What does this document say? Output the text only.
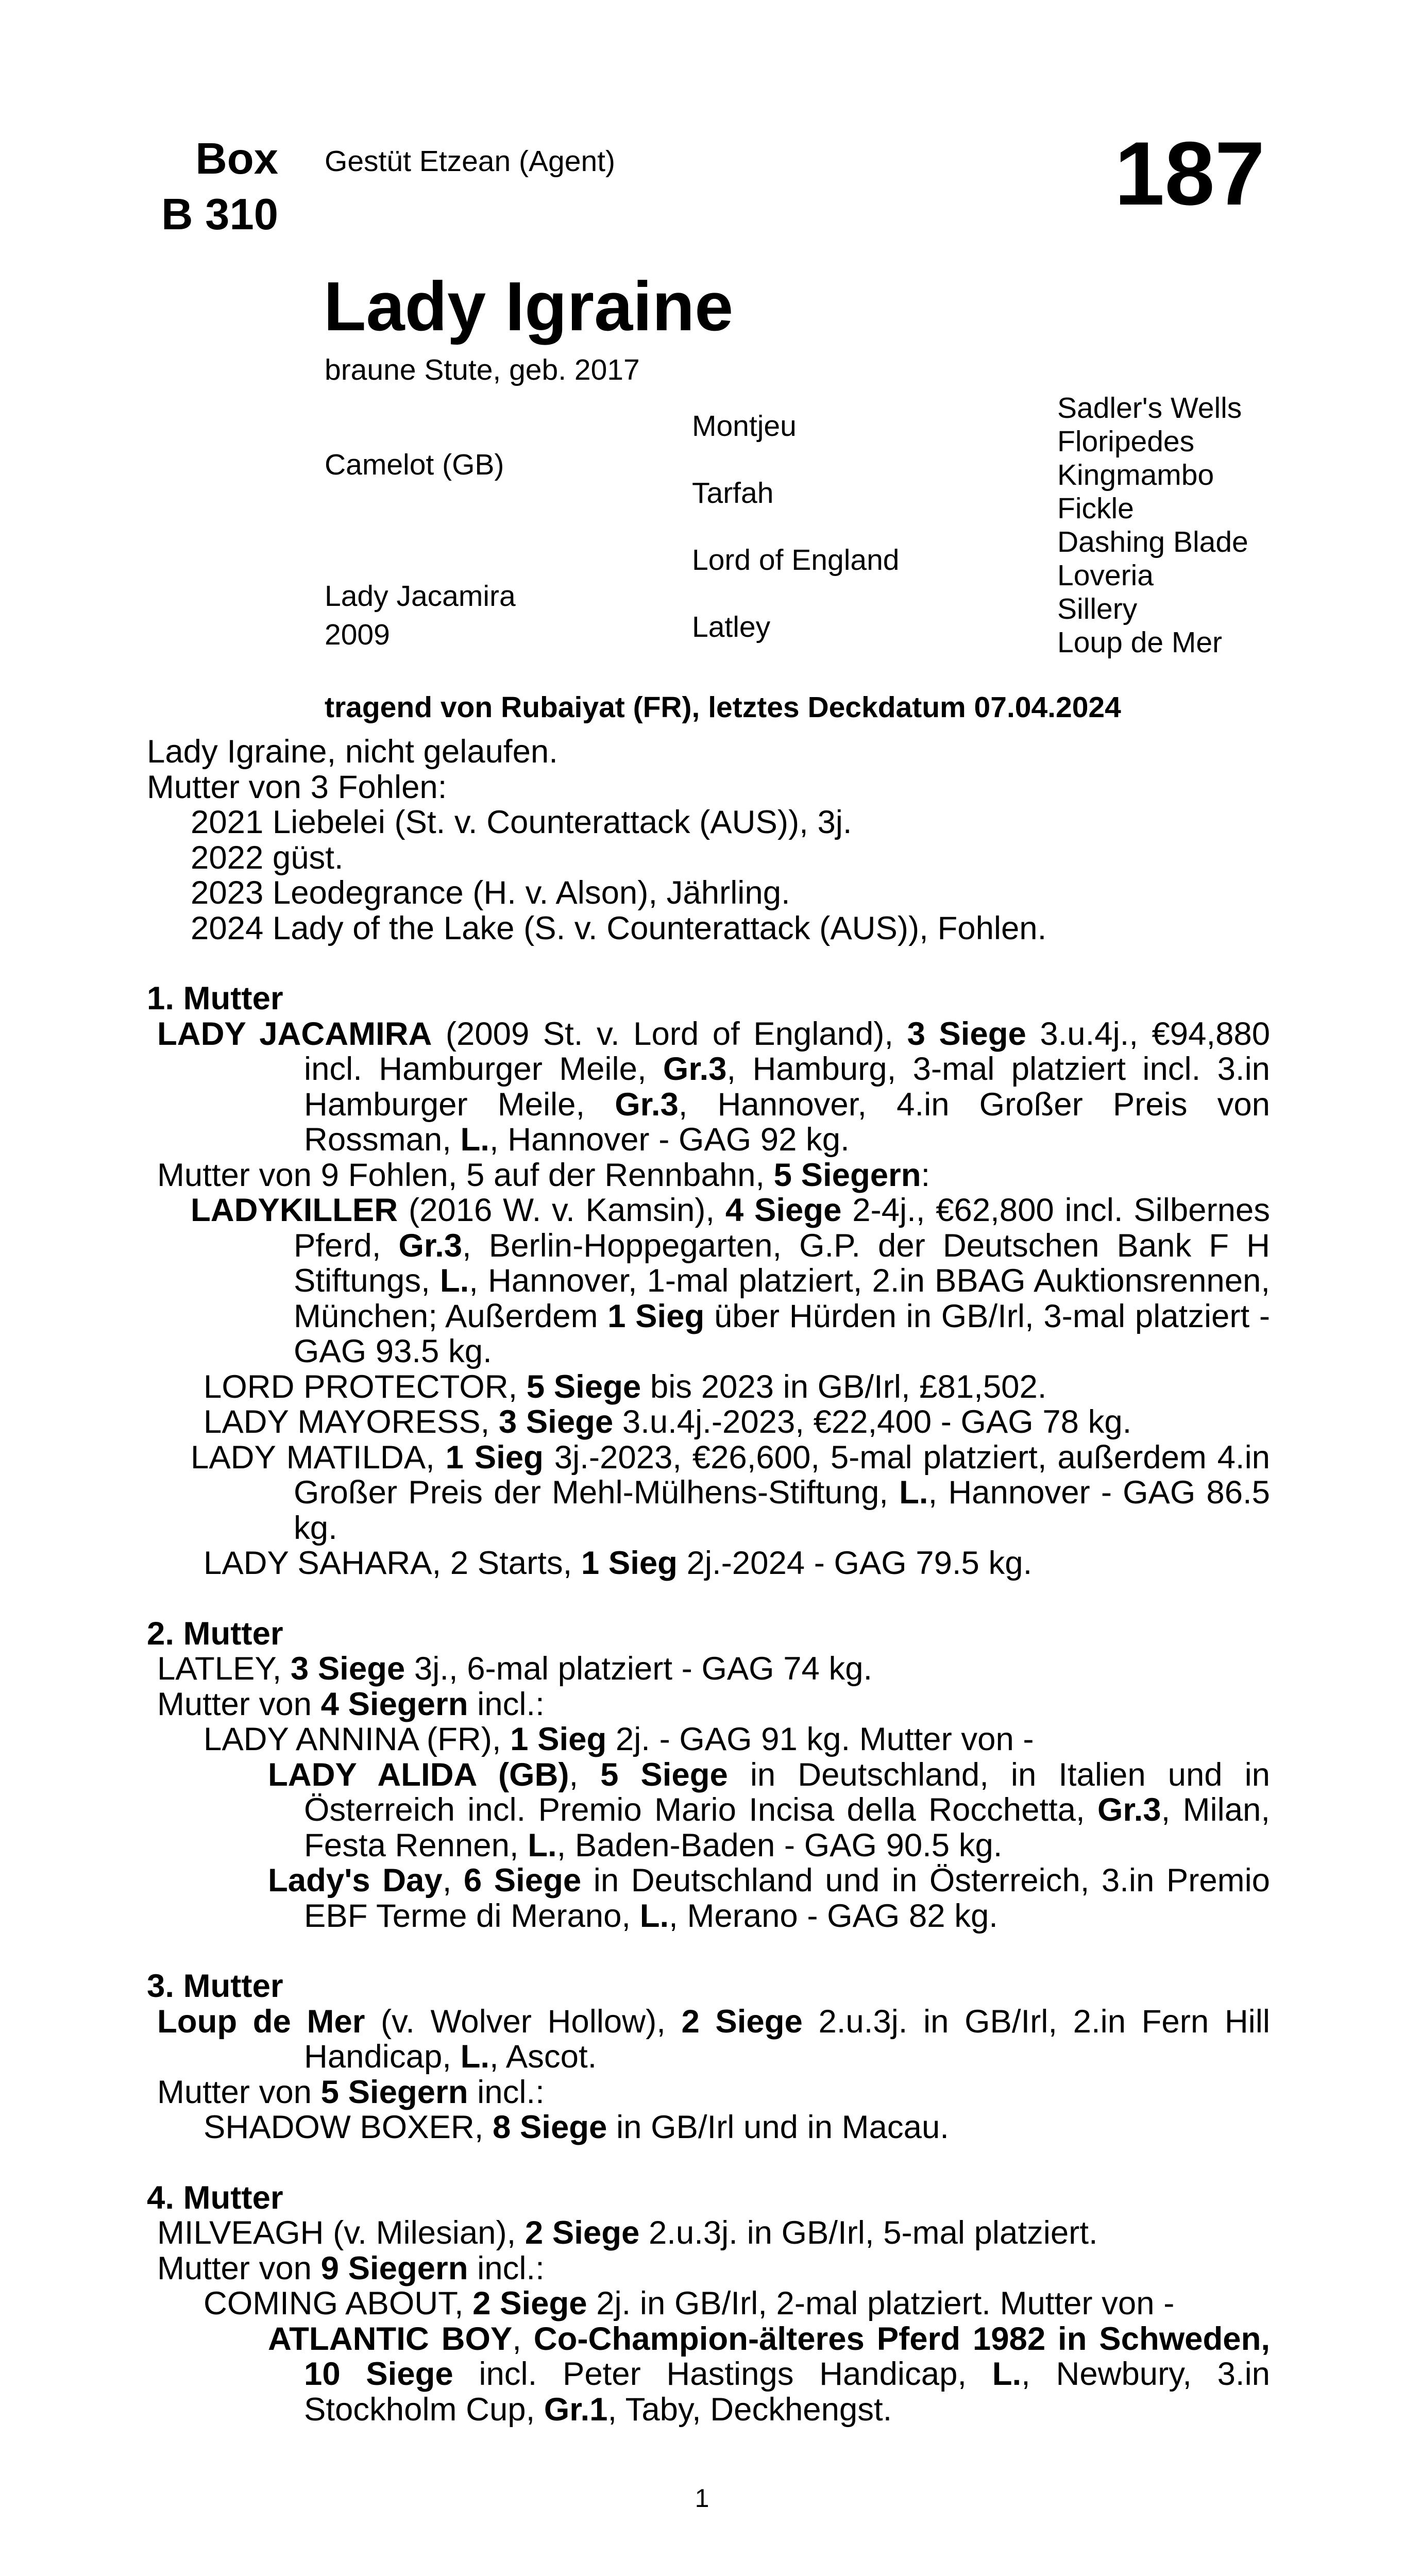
Box
B 310
Gestüt Etzean (Agent)	187
Lady Igraine
braune Stute, geb. 2017
Camelot (GB)
Lady Jacamira
2009
Montjeu
Tarfah
Lord of England
Latley
Sadler's Wells
Floripedes
Kingmambo
Fickle
Dashing Blade
Loveria
Sillery
Loup de Mer
tragend von Rubaiyat (FR), letztes Deckdatum 07.04.2024
Lady Igraine, nicht gelaufen.
Mutter von 3 Fohlen:
2021 Liebelei (St. v. Counterattack (AUS)), 3j.
2022 güst.
2023 Leodegrance (H. v. Alson), Jährling.
2024 Lady of the Lake (S. v. Counterattack (AUS)), Fohlen.
1. Mutter
LADY JACAMIRA (2009 St. v. Lord of England), 3 Siege 3.u.4j., €94,880 incl. Hamburger Meile, Gr.3, Hamburg, 3-mal platziert incl. 3.in Hamburger Meile, Gr.3, Hannover, 4.in Großer Preis von Rossman, L., Hannover - GAG 92 kg.
Mutter von 9 Fohlen, 5 auf der Rennbahn, 5 Siegern:
LADYKILLER (2016 W. v. Kamsin), 4 Siege 2-4j., €62,800 incl. Silbernes Pferd, Gr.3, Berlin-Hoppegarten, G.P. der Deutschen Bank F H Stiftungs, L., Hannover, 1-mal platziert, 2.in BBAG Auktionsrennen, München; Außerdem 1 Sieg über Hürden in GB/Irl, 3-mal platziert - GAG 93.5 kg.
LORD PROTECTOR, 5 Siege bis 2023 in GB/Irl, £81,502.
LADY MAYORESS, 3 Siege 3.u.4j.-2023, €22,400 - GAG 78 kg.
LADY MATILDA, 1 Sieg 3j.-2023, €26,600, 5-mal platziert, außerdem 4.in Großer Preis der Mehl-Mülhens-Stiftung, L., Hannover - GAG 86.5 kg.
LADY SAHARA, 2 Starts, 1 Sieg 2j.-2024 - GAG 79.5 kg.
2. Mutter
LATLEY, 3 Siege 3j., 6-mal platziert - GAG 74 kg.
Mutter von 4 Siegern incl.:
LADY ANNINA (FR), 1 Sieg 2j. - GAG 91 kg. Mutter von -
LADY ALIDA (GB), 5 Siege in Deutschland, in Italien und in Österreich incl. Premio Mario Incisa della Rocchetta, Gr.3, Milan, Festa Rennen, L., Baden-Baden - GAG 90.5 kg.
Lady's Day, 6 Siege in Deutschland und in Österreich, 3.in Premio EBF Terme di Merano, L., Merano - GAG 82 kg.
3. Mutter
Loup de Mer (v. Wolver Hollow), 2 Siege 2.u.3j. in GB/Irl, 2.in Fern Hill Handicap, L., Ascot.
Mutter von 5 Siegern incl.:
SHADOW BOXER, 8 Siege in GB/Irl und in Macau.
4. Mutter
MILVEAGH (v. Milesian), 2 Siege 2.u.3j. in GB/Irl, 5-mal platziert.
Mutter von 9 Siegern incl.:
COMING ABOUT, 2 Siege 2j. in GB/Irl, 2-mal platziert. Mutter von -
ATLANTIC BOY, Co-Champion-älteres Pferd 1982 in Schweden, 10 Siege incl. Peter Hastings Handicap, L., Newbury, 3.in Stockholm Cup, Gr.1, Taby, Deckhengst.
1
